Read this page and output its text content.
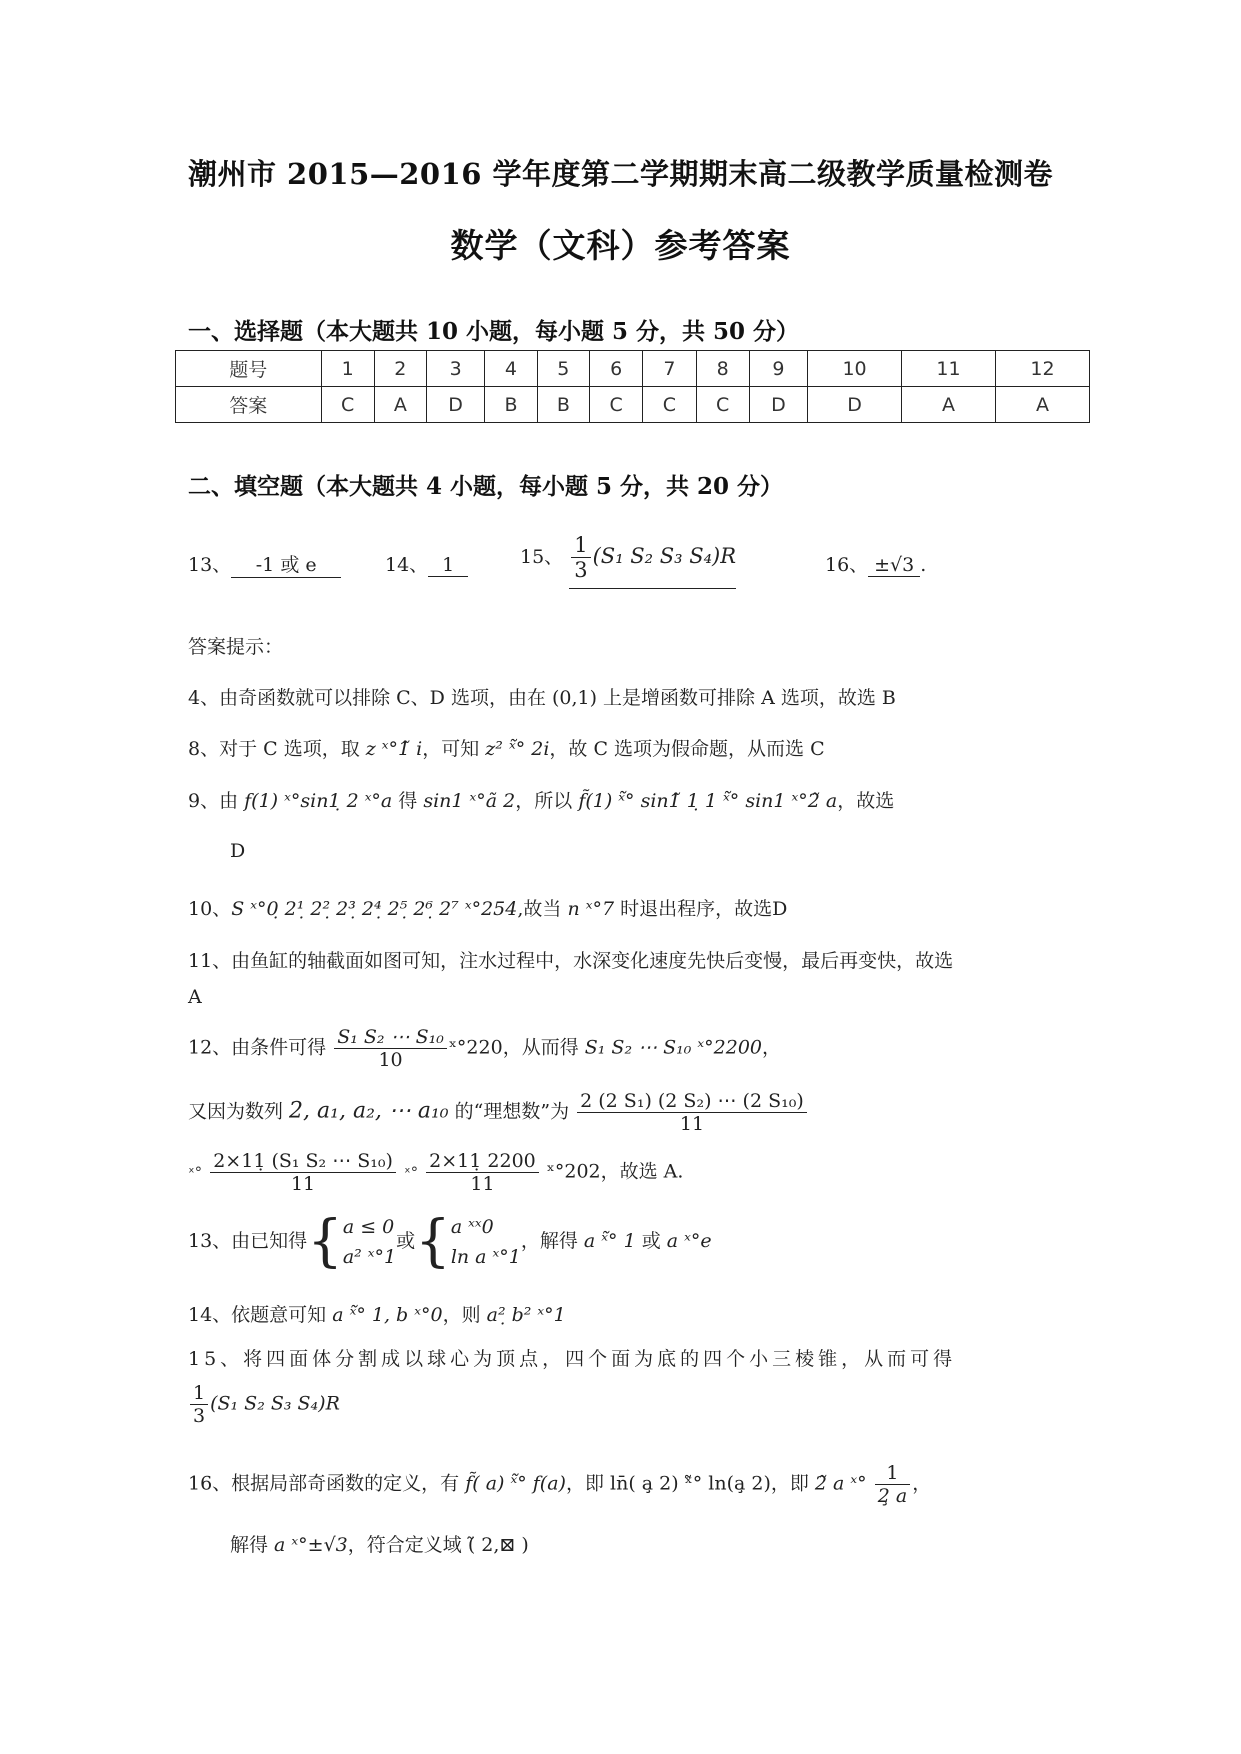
潮州市 2015—2016 学年度第二学期期末高二级教学质量检测卷
数学（文科）参考答案
一、选择题（本大题共 10 小题，每小题 5 分，共 50 分）
题号	1	2	3	4	5	6	7	8	9	10	11	12
答案	C	A	D	B	B	C	C	C	D	D	A	A
二、填空题（本大题共 4 小题，每小题 5 分，共 20 分）
13、 -1 或 e	14、 1	15、 $\frac{1}{3} (S_1$ S₂ S₃ S₄)R	16、 ±√3 .
答案提示：
4、由奇函数就可以排除 C、D 选项，由在 (0,1) 上是增函数可排除 A 选项，故选 B
8、对于 C 选项，取 z ˣ°1̃ i，可知 z² ˣ̃° 2i，故 C 选项为假命题，从而选 C
9、由 f(1) ˣ°sin1̣ 2 ˣ°a 得 sin1 ˣ°ã 2，所以 f̃(1) ˣ̃° sin1̃ 1̣ 1 ˣ̃° sin1 ˣ°2̃ a，故选
D
10、S ˣ°0̣ 2¹̣ 2²̣ 2³̣ 2⁴̣ 2⁵̣ 2⁶̣ 2⁷ ˣ°254,故当 n ˣ°7 时退出程序，故选D
11、由鱼缸的轴截面如图可知，注水过程中，水深变化速度先快后变慢，最后再变快，故选
A
12、由条件可得 $\frac{\text{S₁ S₂ ⋯ S₁₀}}{10}$ ˣ°220，从而得 S₁ S₂ ⋯ S₁₀ ˣ°2200，
又因为数列 2, a₁, a₂, ⋯ a₁₀ 的“理想数”为 $\frac{\text{2 (2 S₁) (2 S₂) ⋯ (2 S₁₀)}}{11}$
ˣ° $\frac{\text{2×11̣ (S₁ S₂ ⋯ S₁₀)}}{11}$ ˣ° $\frac{2\times 11̣ 2200}{11}$ ˣ°202，故选 A.
13、由已知得{ a ≤ 0
a² ˣ°1
或{ a ˣˣ0
ln a ˣ°1
，解得 a ˣ̃° 1 或 a ˣ°e
14、依题意可知 a ˣ̃° 1, b ˣ°0，则 a²̣ b² ˣ°1
15、将四面体分割成以球心为顶点，四个面为底的四个小三棱锥，从而可得
$\frac{1}{3} (S_1$ S₂ S₃ S₄)R
16、根据局部奇函数的定义，有 f̃( a) ˣ̃° f(a)，即 ln̄( a̧ 2) ˣ̃° ln(a̧ 2)，即 2̃ a ˣ° $\frac{1}{2̧ a}$ ，
解得 a ˣ°±√3，符合定义域 (̃ 2,⊠ )
